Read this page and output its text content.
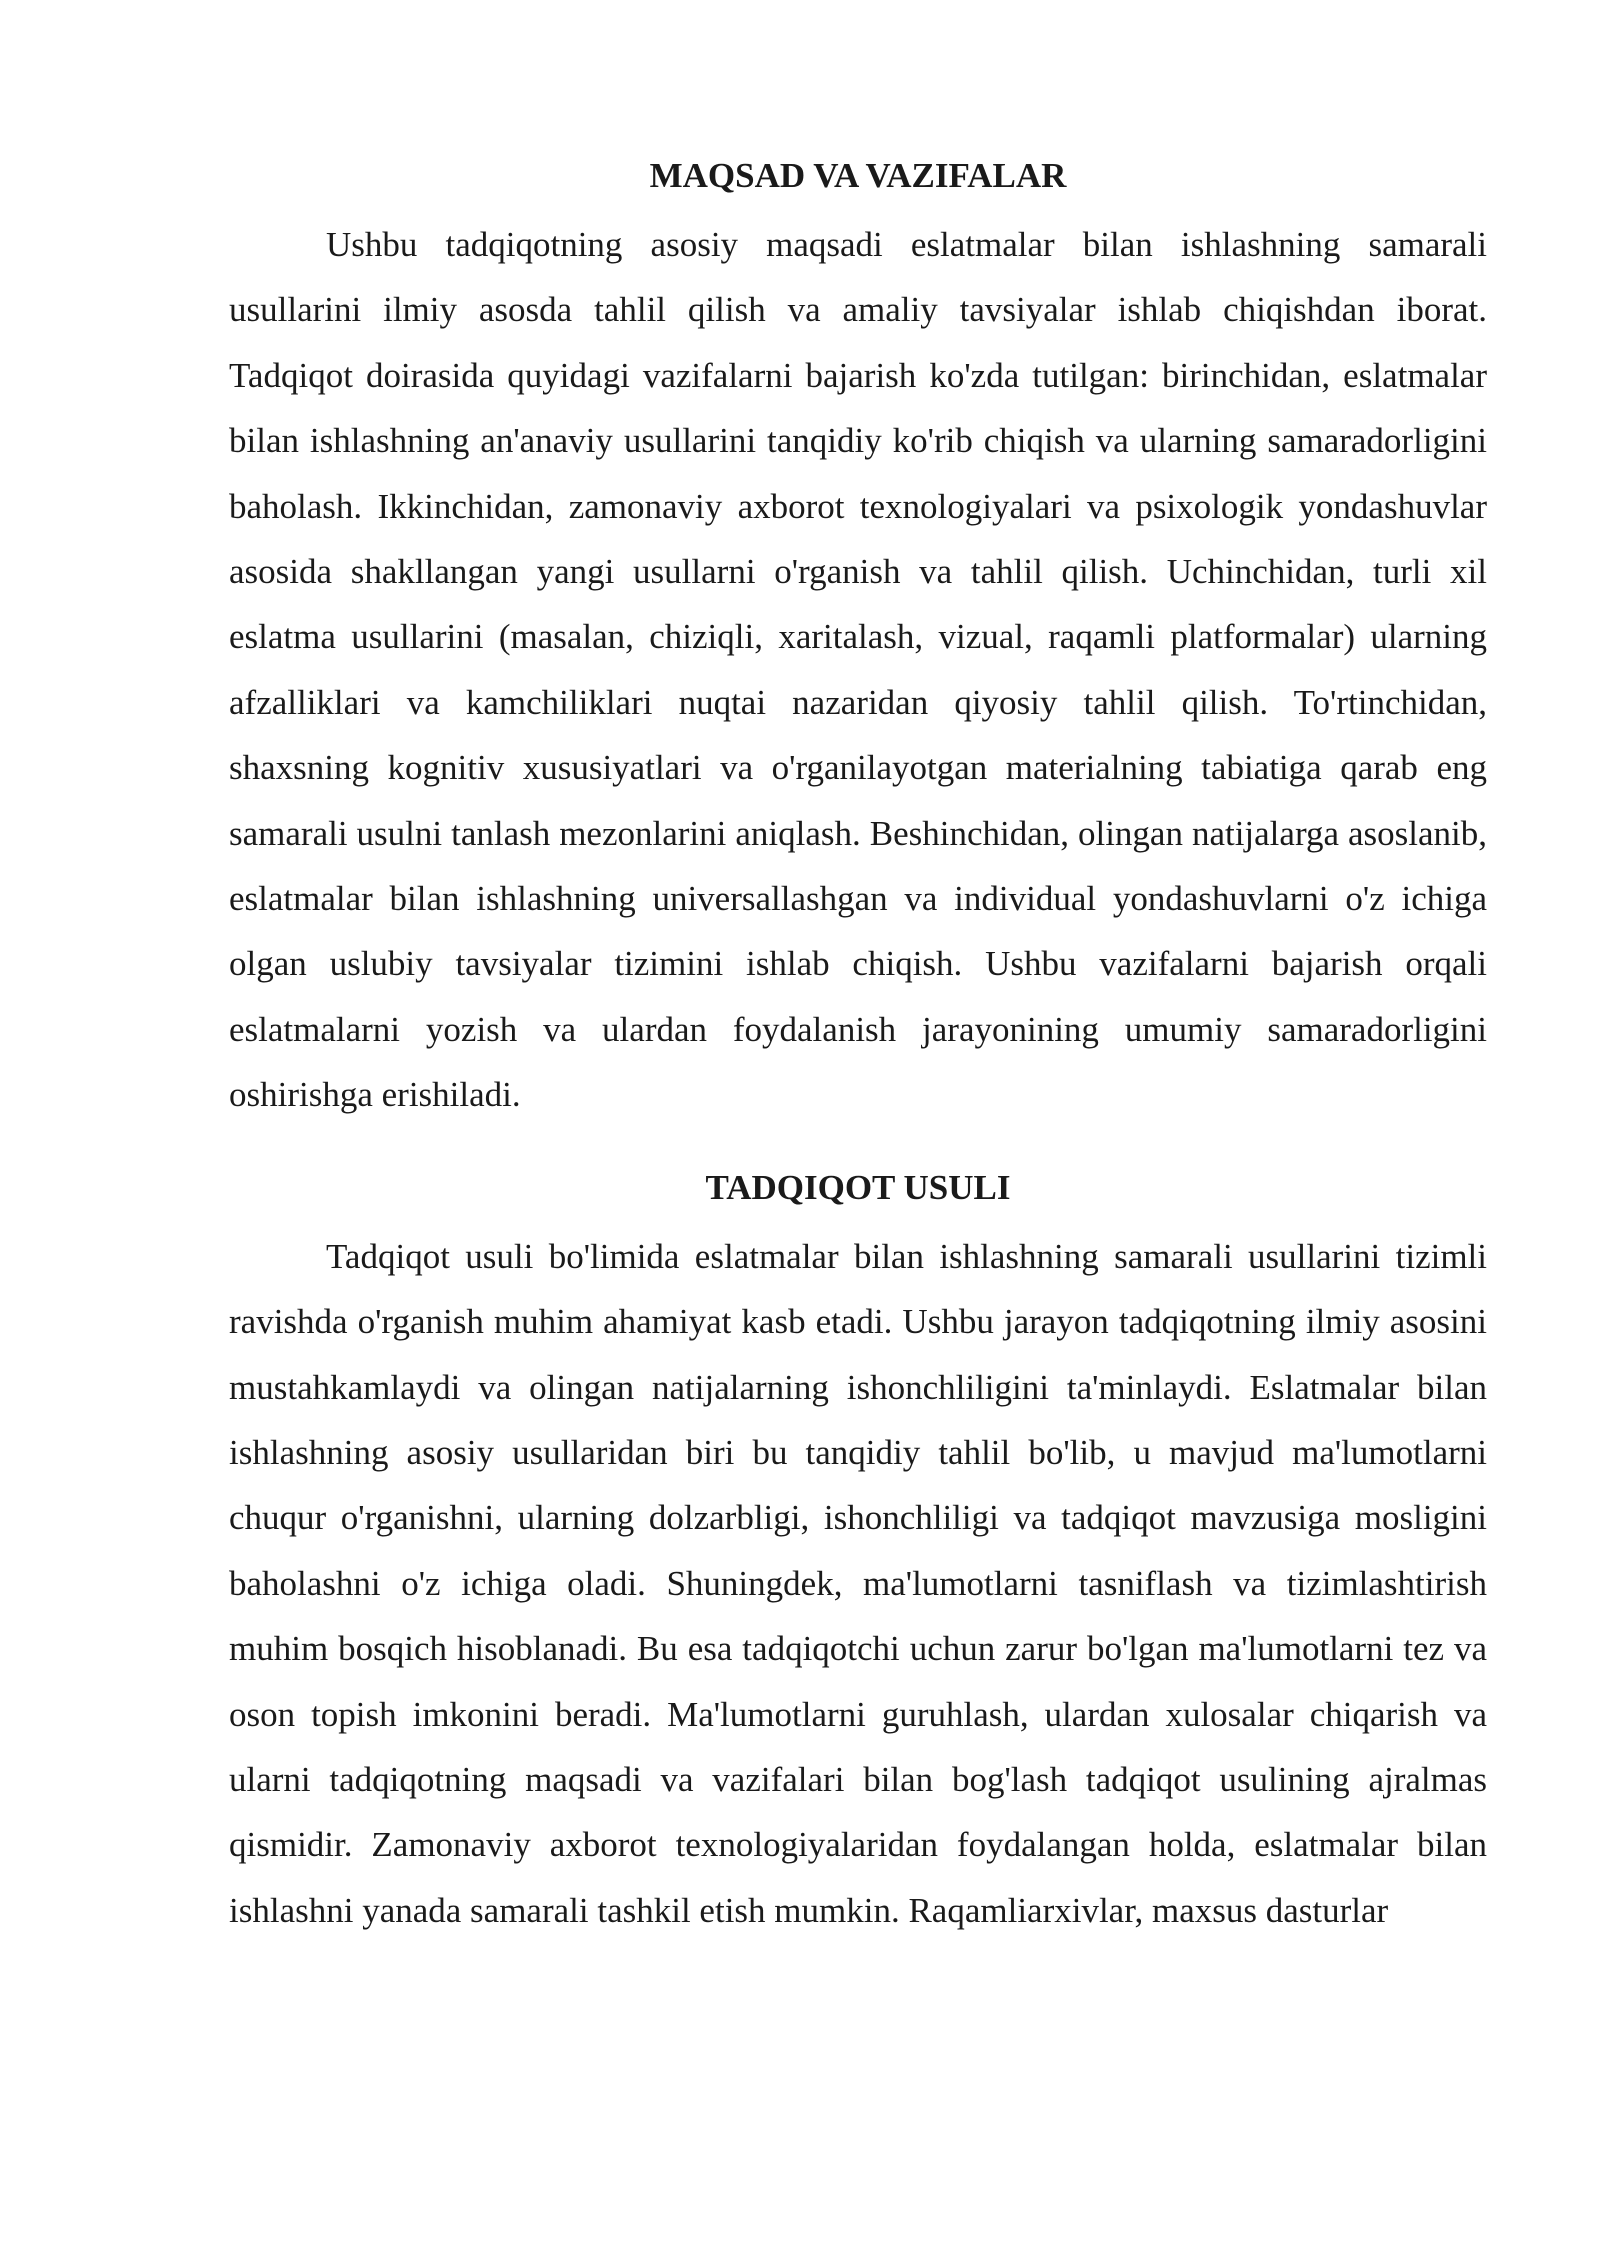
MAQSAD VA VAZIFALAR

Ushbu tadqiqotning asosiy maqsadi eslatmalar bilan ishlashning samarali usullarini ilmiy asosda tahlil qilish va amaliy tavsiyalar ishlab chiqishdan iborat. Tadqiqot doirasida quyidagi vazifalarni bajarish ko'zda tutilgan: birinchidan, eslatmalar bilan ishlashning an'anaviy usullarini tanqidiy ko'rib chiqish va ularning samaradorligini baholash. Ikkinchidan, zamonaviy axborot texnologiyalari va psixologik yondashuvlar asosida shakllangan yangi usullarni o'rganish va tahlil qilish. Uchinchidan, turli xil eslatma usullarini (masalan, chiziqli, xaritalash, vizual, raqamli platformalar) ularning afzalliklari va kamchiliklari nuqtai nazaridan qiyosiy tahlil qilish. To'rtinchidan, shaxsning kognitiv xususiyatlari va o'rganilayotgan materialning tabiatiga qarab eng samarali usulni tanlash mezonlarini aniqlash. Beshinchidan, olingan natijalarga asoslanib, eslatmalar bilan ishlashning universallashgan va individual yondashuvlarni o'z ichiga olgan uslubiy tavsiyalar tizimini ishlab chiqish. Ushbu vazifalarni bajarish orqali eslatmalarni yozish va ulardan foydalanish jarayonining umumiy samaradorligini oshirishga erishiladi.

TADQIQOT USULI

Tadqiqot usuli bo'limida eslatmalar bilan ishlashning samarali usullarini tizimli ravishda o'rganish muhim ahamiyat kasb etadi. Ushbu jarayon tadqiqotning ilmiy asosini mustahkamlaydi va olingan natijalarning ishonchliligini ta'minlaydi. Eslatmalar bilan ishlashning asosiy usullaridan biri bu tanqidiy tahlil bo'lib, u mavjud ma'lumotlarni chuqur o'rganishni, ularning dolzarbligi, ishonchliligi va tadqiqot mavzusiga mosligini baholashni o'z ichiga oladi. Shuningdek, ma'lumotlarni tasniflash va tizimlashtirish muhim bosqich hisoblanadi. Bu esa tadqiqotchi uchun zarur bo'lgan ma'lumotlarni tez va oson topish imkonini beradi. Ma'lumotlarni guruhlash, ulardan xulosalar chiqarish va ularni tadqiqotning maqsadi va vazifalari bilan bog'lash tadqiqot usulining ajralmas qismidir. Zamonaviy axborot texnologiyalaridan foydalangan holda, eslatmalar bilan ishlashni yanada samarali tashkil etish mumkin. Raqamliarxivlar, maxsus dasturlar
